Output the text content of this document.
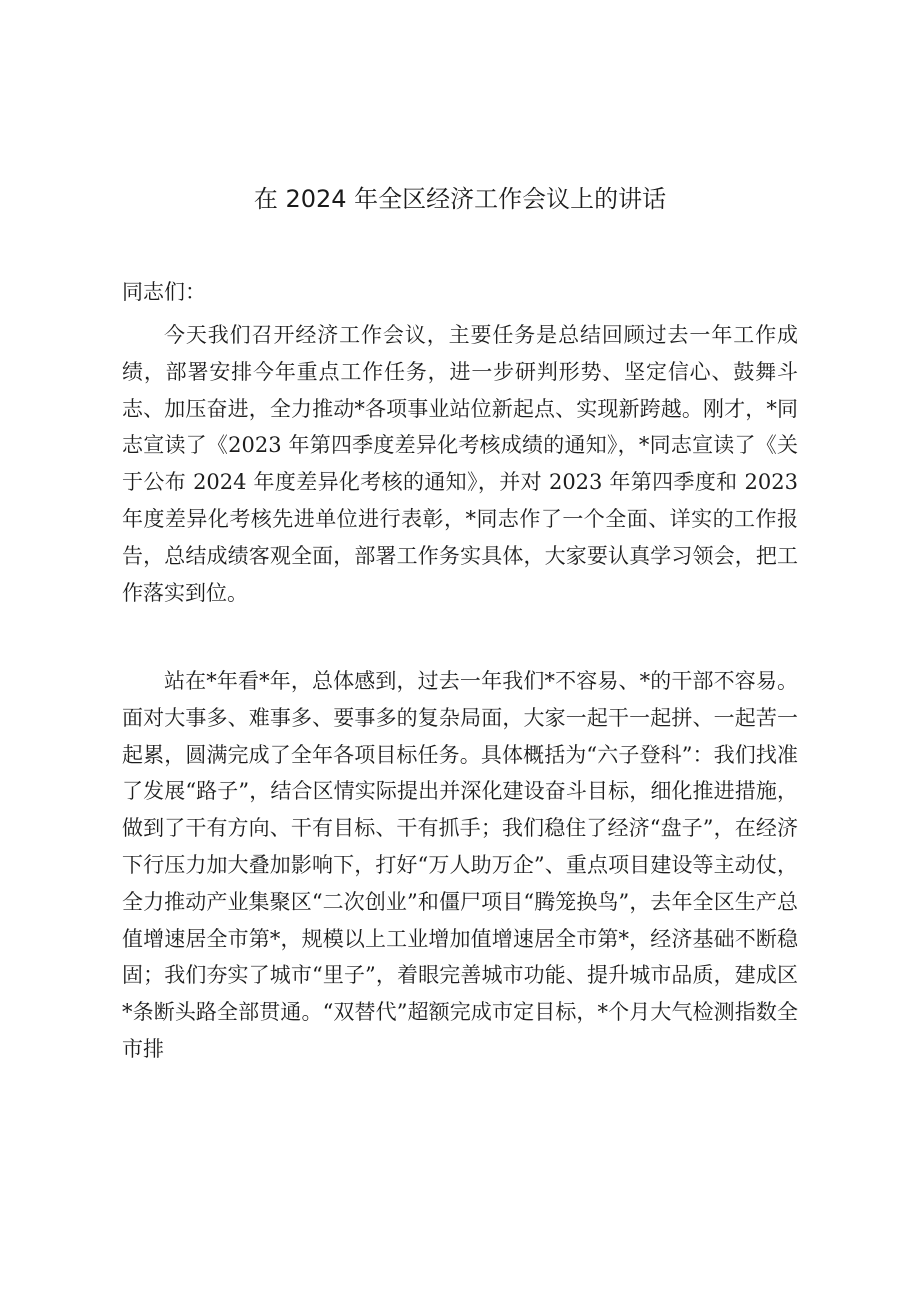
在 2024 年全区经济工作会议上的讲话
同志们：
今天我们召开经济工作会议，主要任务是总结回顾过去一年工作成绩，部署安排今年重点工作任务，进一步研判形势、坚定信心、鼓舞斗志、加压奋进，全力推动*各项事业站位新起点、实现新跨越。刚才，*同志宣读了《2023 年第四季度差异化考核成绩的通知》，*同志宣读了《关于公布 2024 年度差异化考核的通知》，并对 2023 年第四季度和 2023 年度差异化考核先进单位进行表彰，*同志作了一个全面、详实的工作报告，总结成绩客观全面，部署工作务实具体，大家要认真学习领会，把工作落实到位。
站在*年看*年，总体感到，过去一年我们*不容易、*的干部不容易。面对大事多、难事多、要事多的复杂局面，大家一起干一起拼、一起苦一起累，圆满完成了全年各项目标任务。具体概括为“六子登科”：我们找准了发展“路子”，结合区情实际提出并深化建设奋斗目标，细化推进措施，做到了干有方向、干有目标、干有抓手；我们稳住了经济“盘子”，在经济下行压力加大叠加影响下，打好“万人助万企”、重点项目建设等主动仗，全力推动产业集聚区“二次创业”和僵尸项目“腾笼换鸟”，去年全区生产总值增速居全市第*，规模以上工业增加值增速居全市第*，经济基础不断稳固；我们夯实了城市“里子”，着眼完善城市功能、提升城市品质，建成区*条断头路全部贯通。“双替代”超额完成市定目标，*个月大气检测指数全市排
